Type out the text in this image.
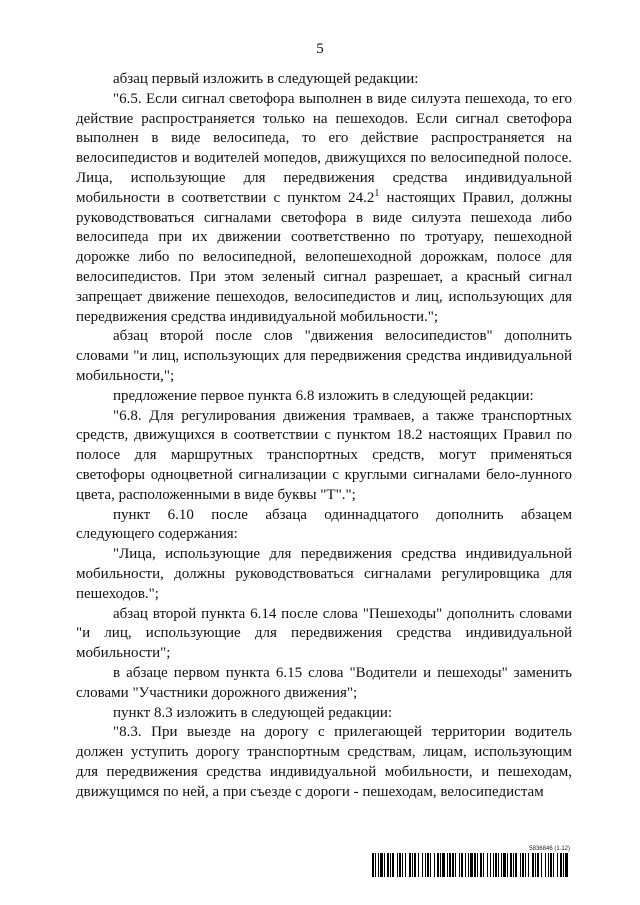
5

абзац первый изложить в следующей редакции:

"6.5. Если сигнал светофора выполнен в виде силуэта пешехода, то его действие распространяется только на пешеходов. Если сигнал светофора выполнен в виде велосипеда, то его действие распространяется на велосипедистов и водителей мопедов, движущихся по велосипедной полосе. Лица, использующие для передвижения средства индивидуальной мобильности в соответствии с пунктом 24.2$^1$ настоящих Правил, должны руководствоваться сигналами светофора в виде силуэта пешехода либо велосипеда при их движении соответственно по тротуару, пешеходной дорожке либо по велосипедной, велопешеходной дорожкам, полосе для велосипедистов. При этом зеленый сигнал разрешает, а красный сигнал запрещает движение пешеходов, велосипедистов и лиц, использующих для передвижения средства индивидуальной мобильности.";

абзац второй после слов "движения велосипедистов" дополнить словами "и лиц, использующих для передвижения средства индивидуальной мобильности,";

предложение первое пункта 6.8 изложить в следующей редакции:

"6.8. Для регулирования движения трамваев, а также транспортных средств, движущихся в соответствии с пунктом 18.2 настоящих Правил по полосе для маршрутных транспортных средств, могут применяться светофоры одноцветной сигнализации с круглыми сигналами бело-лунного цвета, расположенными в виде буквы "Т".";

пункт 6.10 после абзаца одиннадцатого дополнить абзацем следующего содержания:

"Лица, использующие для передвижения средства индивидуальной мобильности, должны руководствоваться сигналами регулировщика для пешеходов.";

абзац второй пункта 6.14 после слова "Пешеходы" дополнить словами "и лиц, использующие для передвижения средства индивидуальной мобильности";

в абзаце первом пункта 6.15 слова "Водители и пешеходы" заменить словами "Участники дорожного движения";

пункт 8.3 изложить в следующей редакции:

"8.3. При выезде на дорогу с прилегающей территории водитель должен уступить дорогу транспортным средствам, лицам, использующим для передвижения средства индивидуальной мобильности, и пешеходам, движущимся по ней, а при съезде с дороги - пешеходам, велосипедистам

5836846 (1.12)
